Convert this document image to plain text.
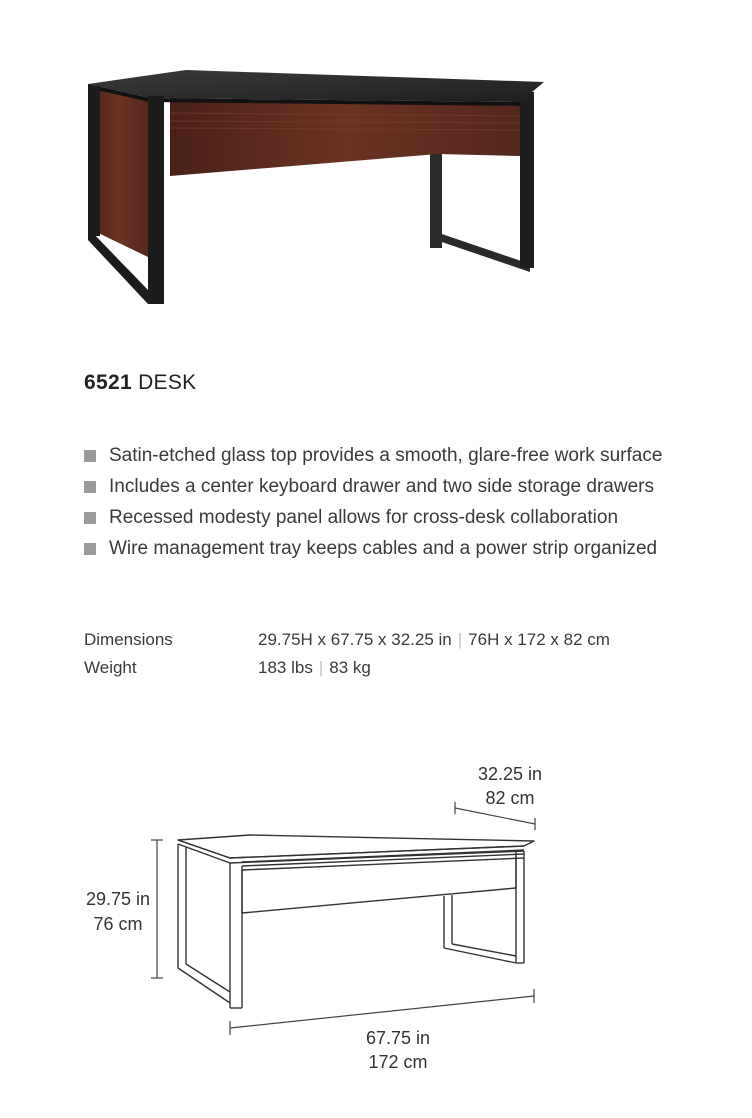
6521 DESK
Satin-etched glass top provides a smooth, glare-free work surface
Includes a center keyboard drawer and two side storage drawers
Recessed modesty panel allows for cross-desk collaboration
Wire management tray keeps cables and a power strip organized
Dimensions	29.75H x 67.75 x 32.25 in | 76H x 172 x 82 cm
Weight	183 lbs | 83 kg
32.25 in
82 cm
29.75 in
76 cm
67.75 in
172 cm
